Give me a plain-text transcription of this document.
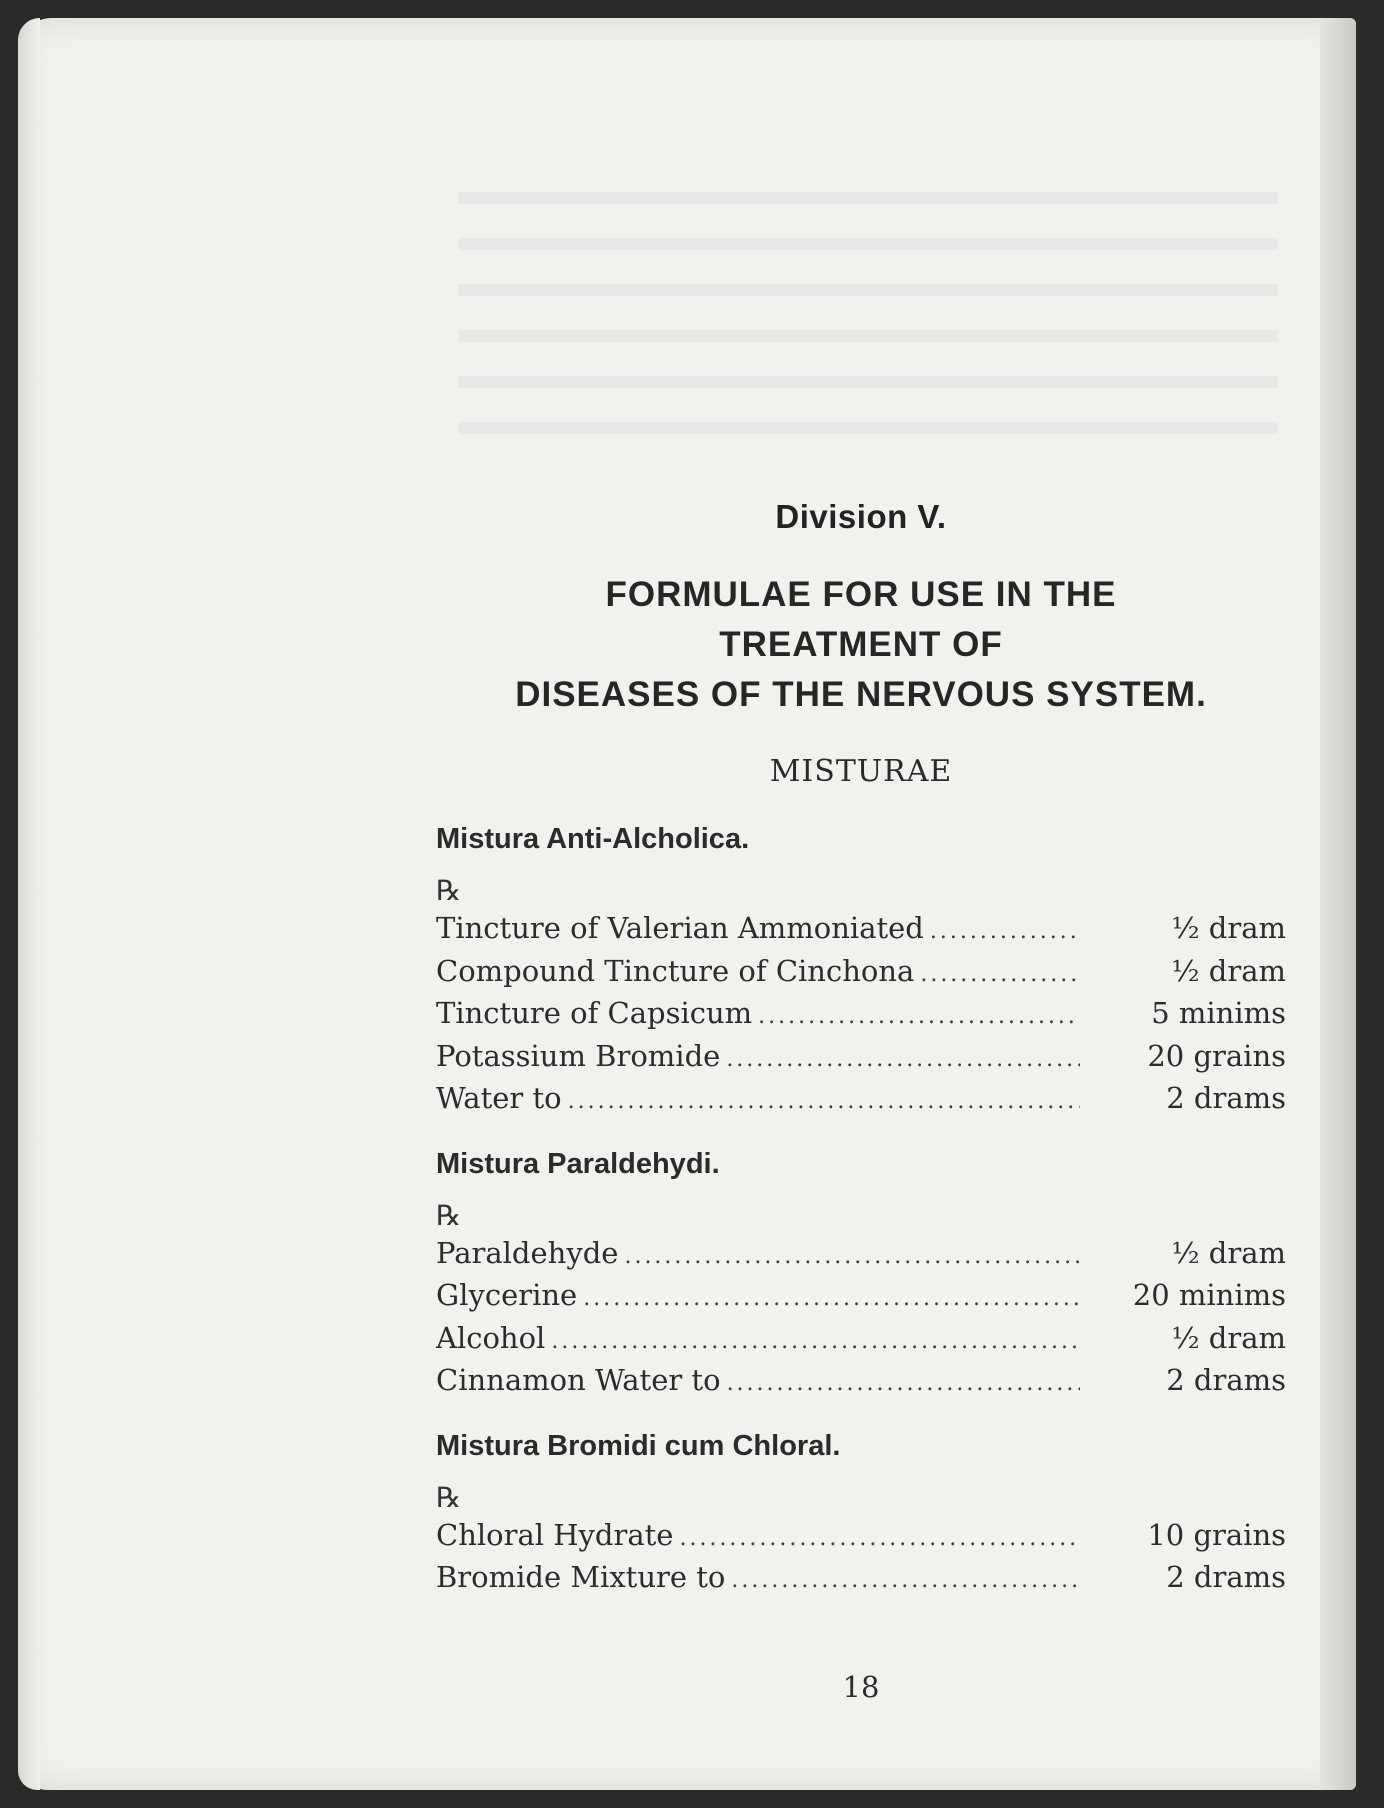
Division V.
FORMULAE FOR USE IN THE
TREATMENT OF
DISEASES OF THE NERVOUS SYSTEM.
MISTURAE
Mistura Anti-Alcholica.
℞
Tincture of Valerian Ammoniated .....	½ dram
Compound Tincture of Cinchona .....	½ dram
Tincture of Capsicum .....	5 minims
Potassium Bromide .....	20 grains
Water to .....	2 drams
Mistura Paraldehydi.
℞
Paraldehyde .....	½ dram
Glycerine .....	20 minims
Alcohol .....	½ dram
Cinnamon Water to .....	2 drams
Mistura Bromidi cum Chloral.
℞
Chloral Hydrate .....	10 grains
Bromide Mixture to .....	2 drams
18
